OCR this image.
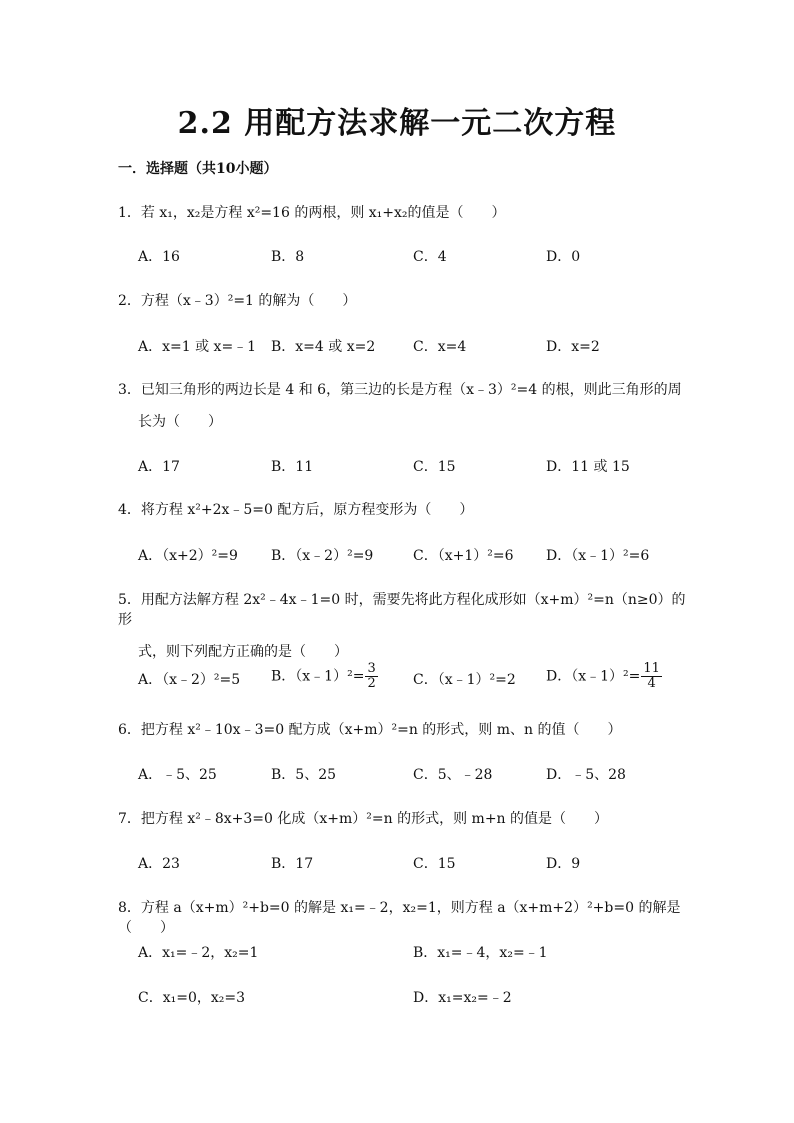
2.2 用配方法求解一元二次方程
一．选择题（共10小题）
1．若 x₁，x₂是方程 x²=16 的两根，则 x₁+x₂的值是（　　）
A．16	B．8	C．4	D．0
2．方程（x﹣3）²=1 的解为（　　）
A．x=1 或 x=﹣1 B．x=4 或 x=2	C．x=4	D．x=2
3．已知三角形的两边长是 4 和 6，第三边的长是方程（x﹣3）²=4 的根，则此三角形的周
长为（　　）
A．17	B．11	C．15	D．11 或 15
4．将方程 x²+2x﹣5=0 配方后，原方程变形为（　　）
A．（x+2）²=9 B．（x﹣2）²=9	C．（x+1）²=6 D．（x﹣1）²=6
5．用配方法解方程 2x²﹣4x﹣1=0 时，需要先将此方程化成形如（x+m）²=n（n≥0）的形
式，则下列配方正确的是（　　）
A．（x﹣2）²=5 B．（x﹣1）²= $\frac{3}{2}$	C．（x﹣1）²=2 D．（x﹣1）²= $\frac{11}{4}$
6．把方程 x²﹣10x﹣3=0 配方成（x+m）²=n 的形式，则 m、n 的值（　　）
A．﹣5、25	B．5、25	C．5、﹣28	D．﹣5、28
7．把方程 x²﹣8x+3=0 化成（x+m）²=n 的形式，则 m+n 的值是（　　）
A．23	B．17	C．15	D．9
8．方程 a（x+m）²+b=0 的解是 x₁=﹣2，x₂=1，则方程 a（x+m+2）²+b=0 的解是（　　）
A．x₁=﹣2，x₂=1	B．x₁=﹣4，x₂=﹣1
C．x₁=0，x₂=3	D．x₁=x₂=﹣2
